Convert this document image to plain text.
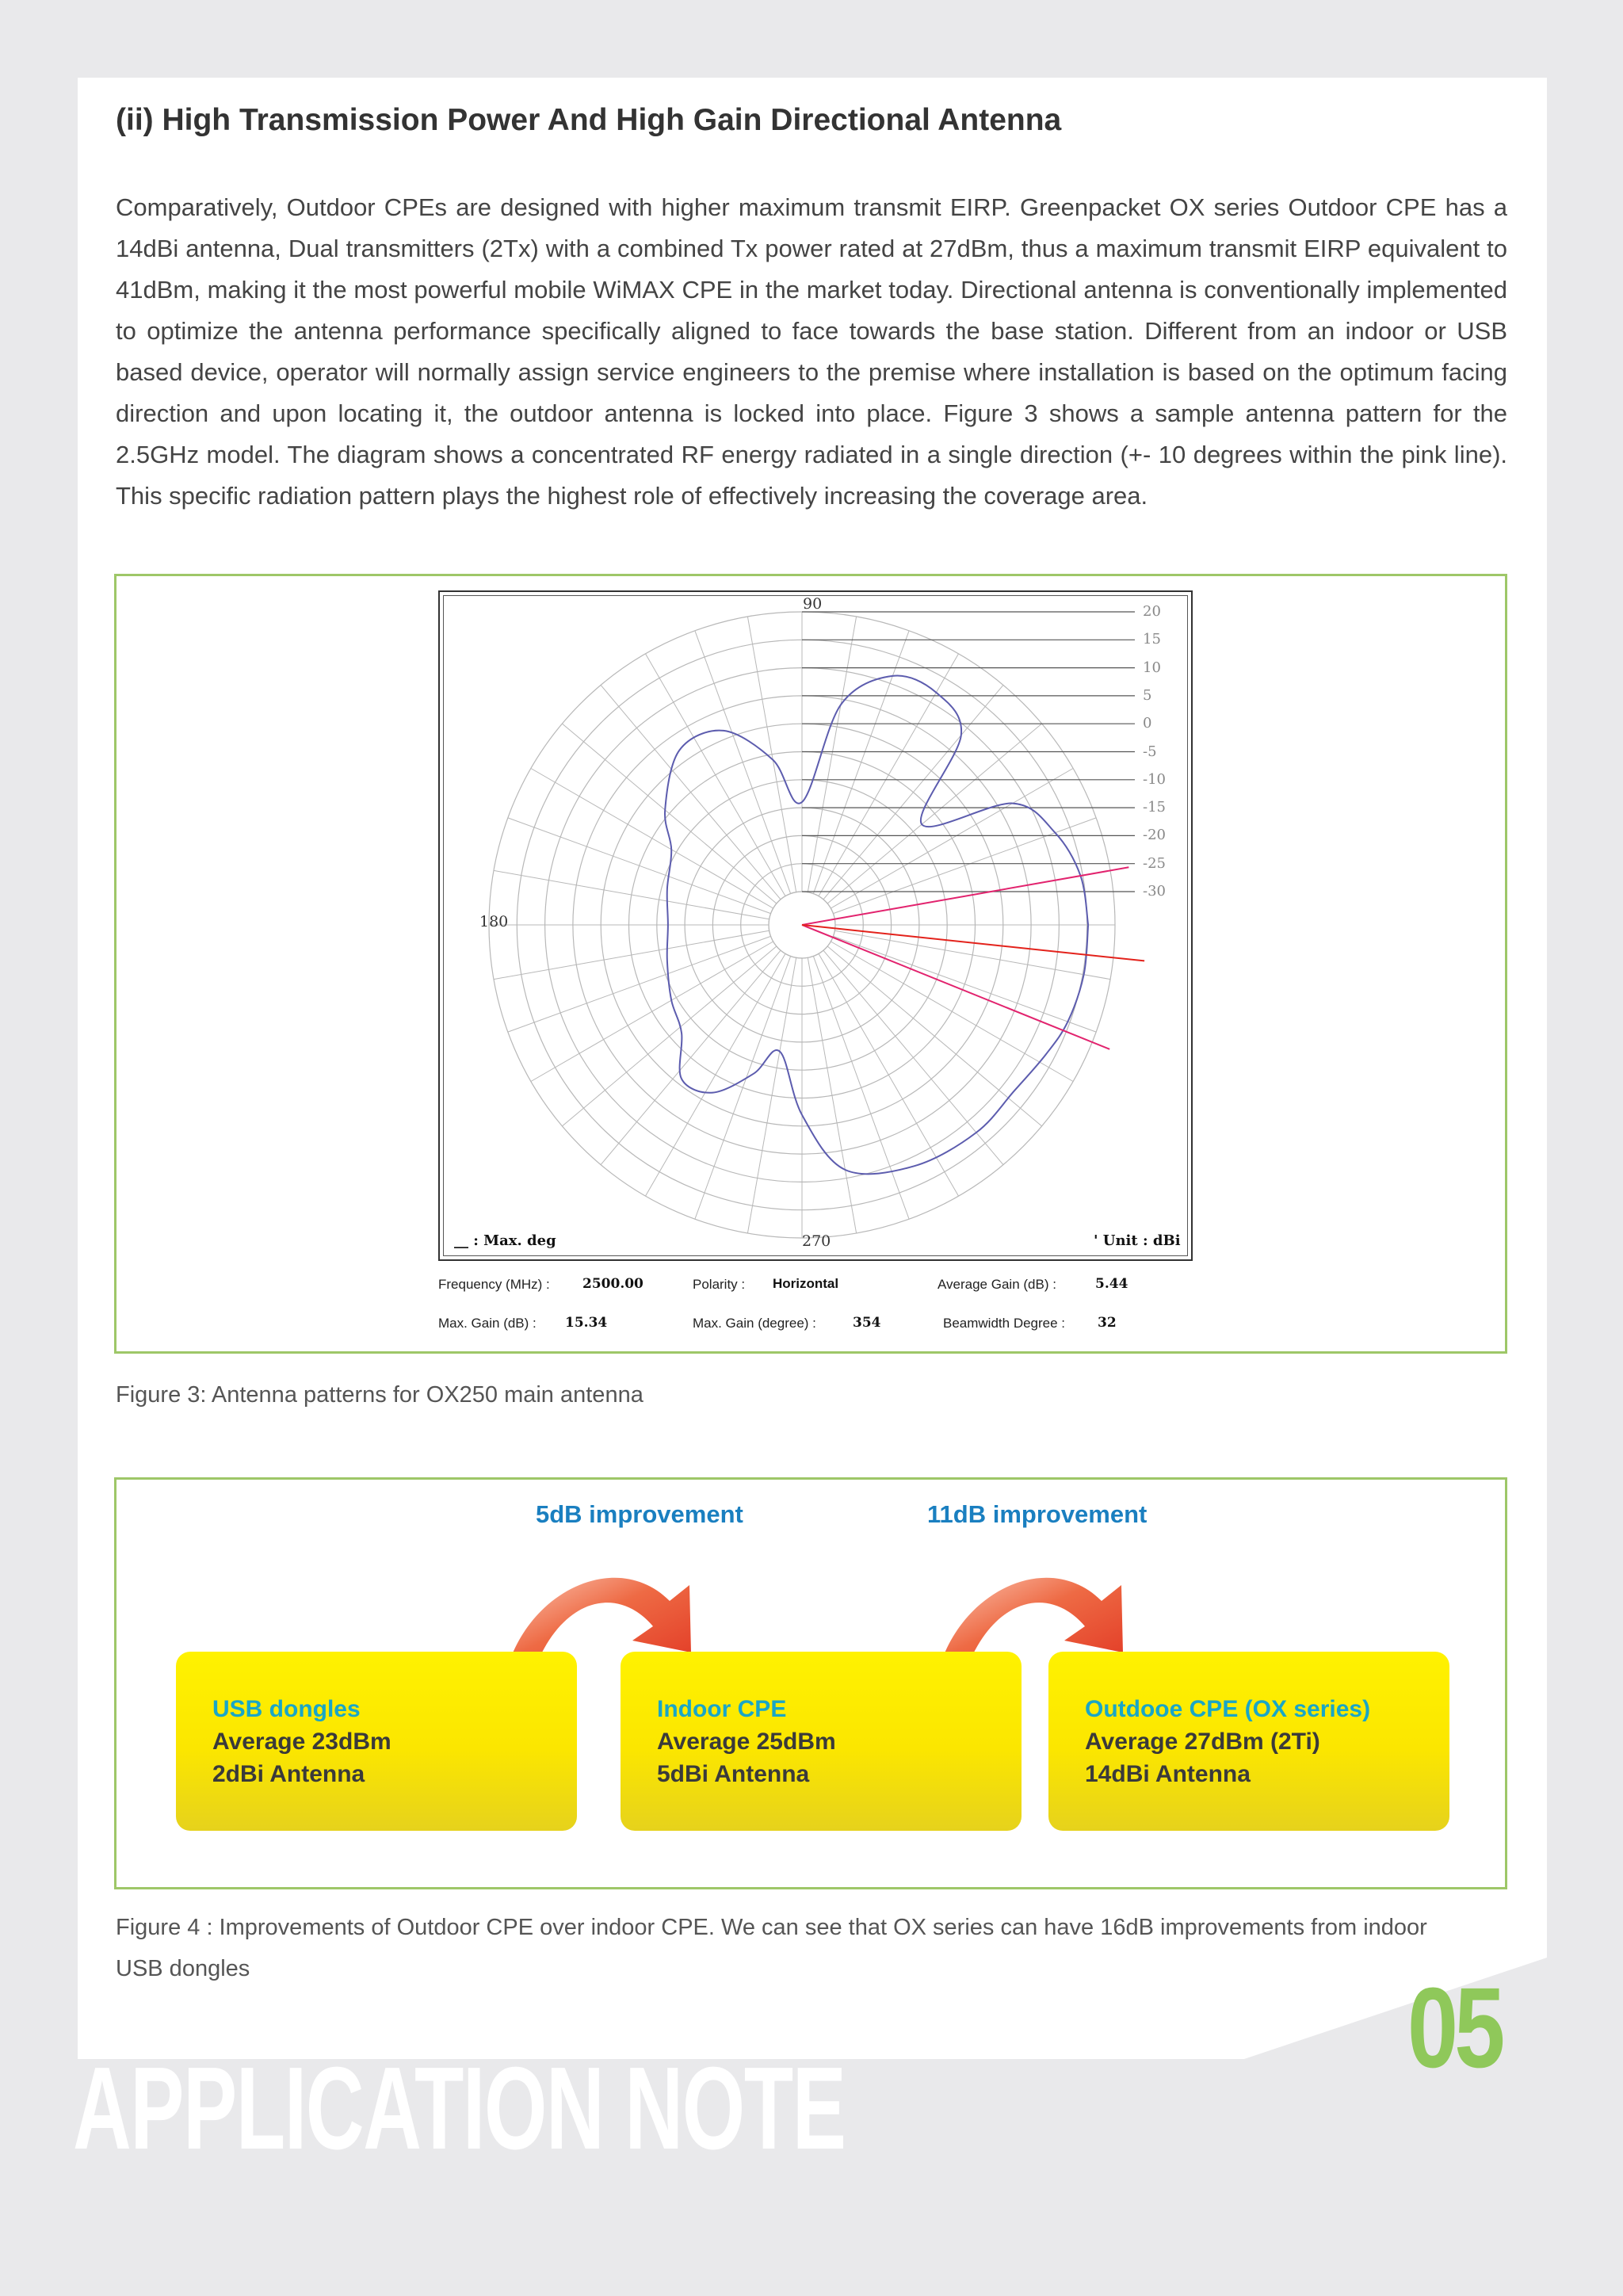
(ii) High Transmission Power And High Gain Directional Antenna

Comparatively, Outdoor CPEs are designed with higher maximum transmit EIRP. Greenpacket OX series Outdoor CPE has a 14dBi antenna, Dual transmitters (2Tx) with a combined Tx power rated at 27dBm, thus a maximum transmit EIRP equivalent to 41dBm, making it the most powerful mobile WiMAX CPE in the market today. Directional antenna is conventionally implemented to optimize the antenna performance specifically aligned to face towards the base station. Different from an indoor or USB based device, operator will normally assign service engineers to the premise where installation is based on the optimum facing direction and upon locating it, the outdoor antenna is locked into place. Figure 3 shows a sample antenna pattern for the 2.5GHz model. The diagram shows a concentrated RF energy radiated in a single direction (+- 10 degrees within the pink line). This specific radiation pattern plays the highest role of effectively increasing the coverage area.

90
180
270
20
15
10
5
0
-5
-10
-15
-20
-25
-30
__ : Max. deg	' Unit : dBi
Frequency (MHz) : 2500.00	Polarity : Horizontal	Average Gain (dB) :	5.44
Max. Gain (dB) : 15.34	Max. Gain (degree) :	354	Beamwidth Degree : 32

Figure 3: Antenna patterns for OX250 main antenna

5dB improvement	11dB improvement
USB dongles
Average 23dBm
2dBi Antenna
Indoor CPE
Average 25dBm
5dBi Antenna
Outdooe CPE (OX series)
Average 27dBm (2Ti)
14dBi Antenna

Figure 4 : Improvements of Outdoor CPE over indoor CPE. We can see that OX series can have 16dB improvements from indoor USB dongles	05
APPLICATION NOTE
